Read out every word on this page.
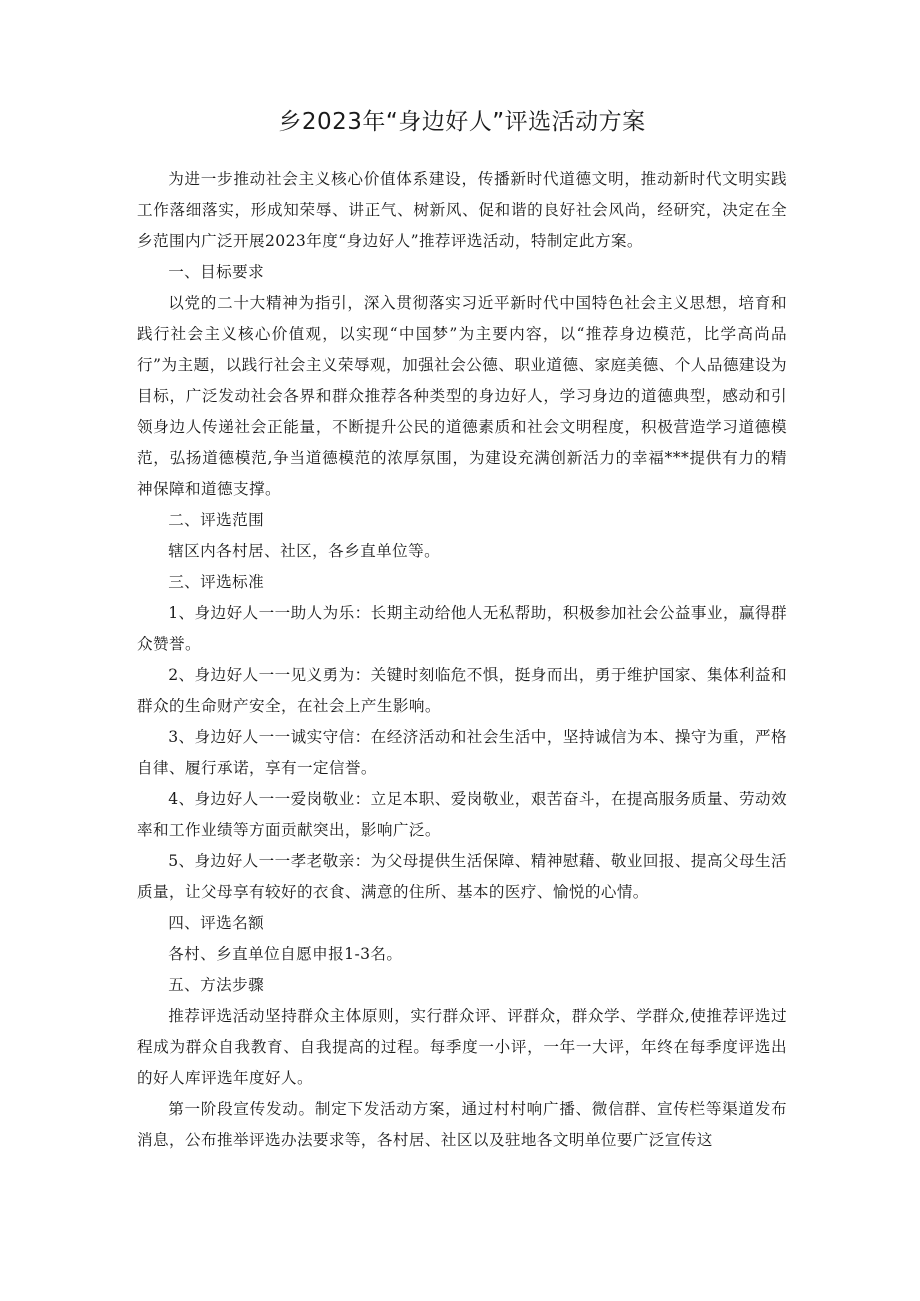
乡2023年“身边好人”评选活动方案

为进一步推动社会主义核心价值体系建设，传播新时代道德文明，推动新时代文明实践工作落细落实，形成知荣辱、讲正气、树新风、促和谐的良好社会风尚，经研究，决定在全乡范围内广泛开展2023年度“身边好人”推荐评选活动，特制定此方案。

一、目标要求

以党的二十大精神为指引，深入贯彻落实习近平新时代中国特色社会主义思想，培育和践行社会主义核心价值观，以实现“中国梦”为主要内容，以“推荐身边模范，比学高尚品行”为主题，以践行社会主义荣辱观，加强社会公德、职业道德、家庭美德、个人品德建设为目标，广泛发动社会各界和群众推荐各种类型的身边好人，学习身边的道德典型，感动和引领身边人传递社会正能量，不断提升公民的道德素质和社会文明程度，积极营造学习道德模范，弘扬道德模范,争当道德模范的浓厚氛围，为建设充满创新活力的幸福***提供有力的精神保障和道德支撑。

二、评选范围

辖区内各村居、社区，各乡直单位等。

三、评选标准

1、身边好人一一助人为乐：长期主动给他人无私帮助，积极参加社会公益事业，赢得群众赞誉。

2、身边好人一一见义勇为：关键时刻临危不惧，挺身而出，勇于维护国家、集体利益和群众的生命财产安全，在社会上产生影响。

3、身边好人一一诚实守信：在经济活动和社会生活中，坚持诚信为本、操守为重，严格自律、履行承诺，享有一定信誉。

4、身边好人一一爱岗敬业：立足本职、爱岗敬业，艰苦奋斗，在提高服务质量、劳动效率和工作业绩等方面贡献突出，影响广泛。

5、身边好人一一孝老敬亲：为父母提供生活保障、精神慰藉、敬业回报、提高父母生活质量，让父母享有较好的衣食、满意的住所、基本的医疗、愉悦的心情。

四、评选名额

各村、乡直单位自愿申报1-3名。

五、方法步骤

推荐评选活动坚持群众主体原则，实行群众评、评群众，群众学、学群众,使推荐评选过程成为群众自我教育、自我提高的过程。每季度一小评，一年一大评，年终在每季度评选出的好人库评选年度好人。

第一阶段宣传发动。制定下发活动方案，通过村村响广播、微信群、宣传栏等渠道发布消息，公布推举评选办法要求等，各村居、社区以及驻地各文明单位要广泛宣传这
